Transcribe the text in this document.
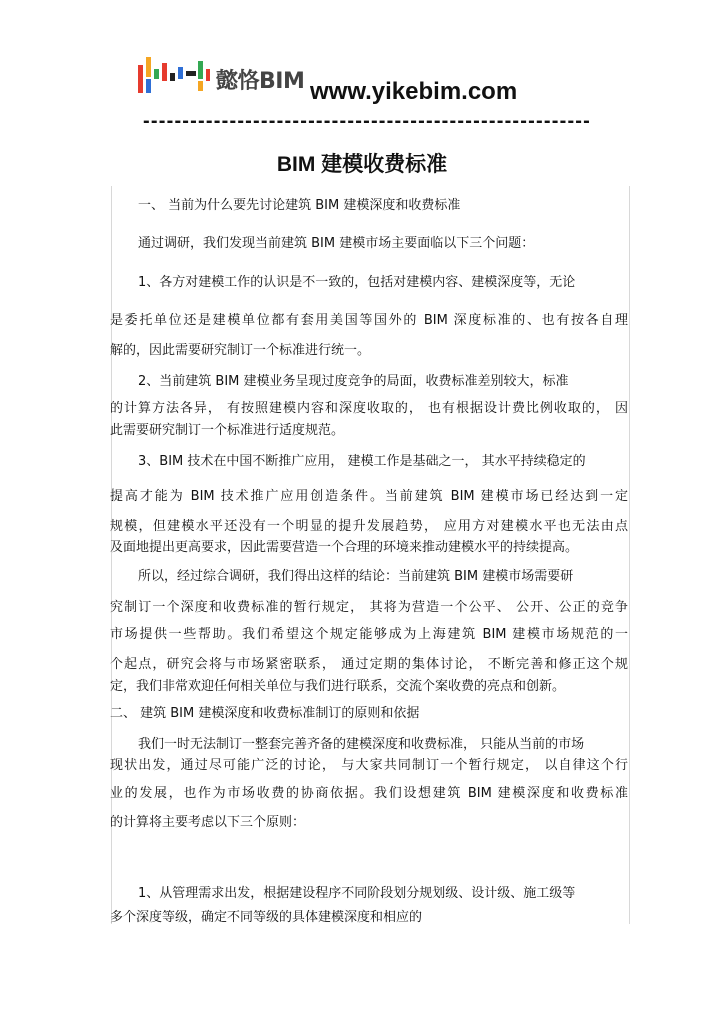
懿恪BIM www.yikebim.com
---------------------------------------------------------
BIM 建模收费标准
一、 当前为什么要先讨论建筑 BIM 建模深度和收费标准
通过调研，我们发现当前建筑 BIM 建模市场主要面临以下三个问题：
1、各方对建模工作的认识是不一致的，包括对建模内容、建模深度等，无论
是委托单位还是建模单位都有套用美国等国外的 BIM 深度标准的、也有按各自理
解的，因此需要研究制订一个标准进行统一。
2、当前建筑 BIM 建模业务呈现过度竞争的局面，收费标准差别较大，标准
的计算方法各异， 有按照建模内容和深度收取的， 也有根据设计费比例收取的， 因
此需要研究制订一个标准进行适度规范。
3、BIM 技术在中国不断推广应用， 建模工作是基础之一， 其水平持续稳定的
提高才能为 BIM 技术推广应用创造条件。当前建筑 BIM 建模市场已经达到一定
规模，但建模水平还没有一个明显的提升发展趋势， 应用方对建模水平也无法由点
及面地提出更高要求，因此需要营造一个合理的环境来推动建模水平的持续提高。
所以，经过综合调研，我们得出这样的结论：当前建筑 BIM 建模市场需要研
究制订一个深度和收费标准的暂行规定， 其将为营造一个公平、 公开、公正的竞争
市场提供一些帮助。我们希望这个规定能够成为上海建筑 BIM 建模市场规范的一
个起点，研究会将与市场紧密联系， 通过定期的集体讨论， 不断完善和修正这个规
定，我们非常欢迎任何相关单位与我们进行联系，交流个案收费的亮点和创新。
二、 建筑 BIM 建模深度和收费标准制订的原则和依据
我们一时无法制订一整套完善齐备的建模深度和收费标准， 只能从当前的市场
现状出发，通过尽可能广泛的讨论， 与大家共同制订一个暂行规定， 以自律这个行
业的发展，也作为市场收费的协商依据。我们设想建筑 BIM 建模深度和收费标准
的计算将主要考虑以下三个原则：
1、从管理需求出发，根据建设程序不同阶段划分规划级、设计级、施工级等
多个深度等级，确定不同等级的具体建模深度和相应的
